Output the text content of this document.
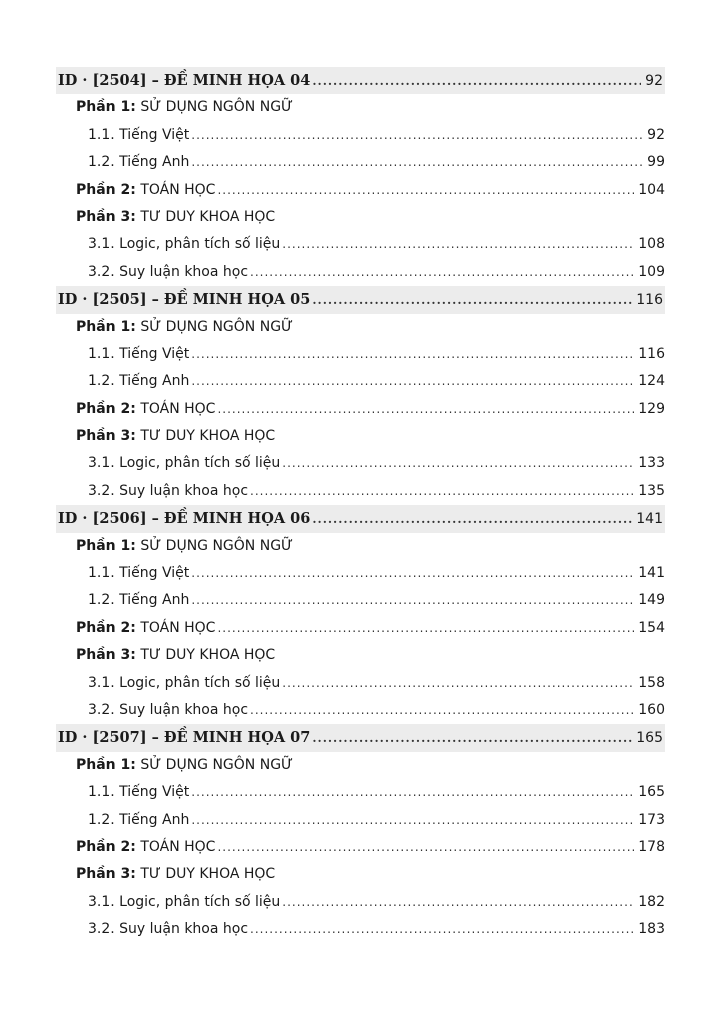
ID · [2504] – ĐỀ MINH HỌA 04 .....	92
Phần 1: SỬ DỤNG NGÔN NGỮ
1.1. Tiếng Việt .....	92
1.2. Tiếng Anh .....	99
Phần 2: TOÁN HỌC .....	104
Phần 3: TƯ DUY KHOA HỌC
3.1. Logic, phân tích số liệu .....	108
3.2. Suy luận khoa học .....	109
ID · [2505] – ĐỀ MINH HỌA 05 .....	116
Phần 1: SỬ DỤNG NGÔN NGỮ
1.1. Tiếng Việt .....	116
1.2. Tiếng Anh .....	124
Phần 2: TOÁN HỌC .....	129
Phần 3: TƯ DUY KHOA HỌC
3.1. Logic, phân tích số liệu .....	133
3.2. Suy luận khoa học .....	135
ID · [2506] – ĐỀ MINH HỌA 06 .....	141
Phần 1: SỬ DỤNG NGÔN NGỮ
1.1. Tiếng Việt .....	141
1.2. Tiếng Anh .....	149
Phần 2: TOÁN HỌC .....	154
Phần 3: TƯ DUY KHOA HỌC
3.1. Logic, phân tích số liệu .....	158
3.2. Suy luận khoa học .....	160
ID · [2507] – ĐỀ MINH HỌA 07 .....	165
Phần 1: SỬ DỤNG NGÔN NGỮ
1.1. Tiếng Việt .....	165
1.2. Tiếng Anh .....	173
Phần 2: TOÁN HỌC .....	178
Phần 3: TƯ DUY KHOA HỌC
3.1. Logic, phân tích số liệu .....	182
3.2. Suy luận khoa học .....	183
